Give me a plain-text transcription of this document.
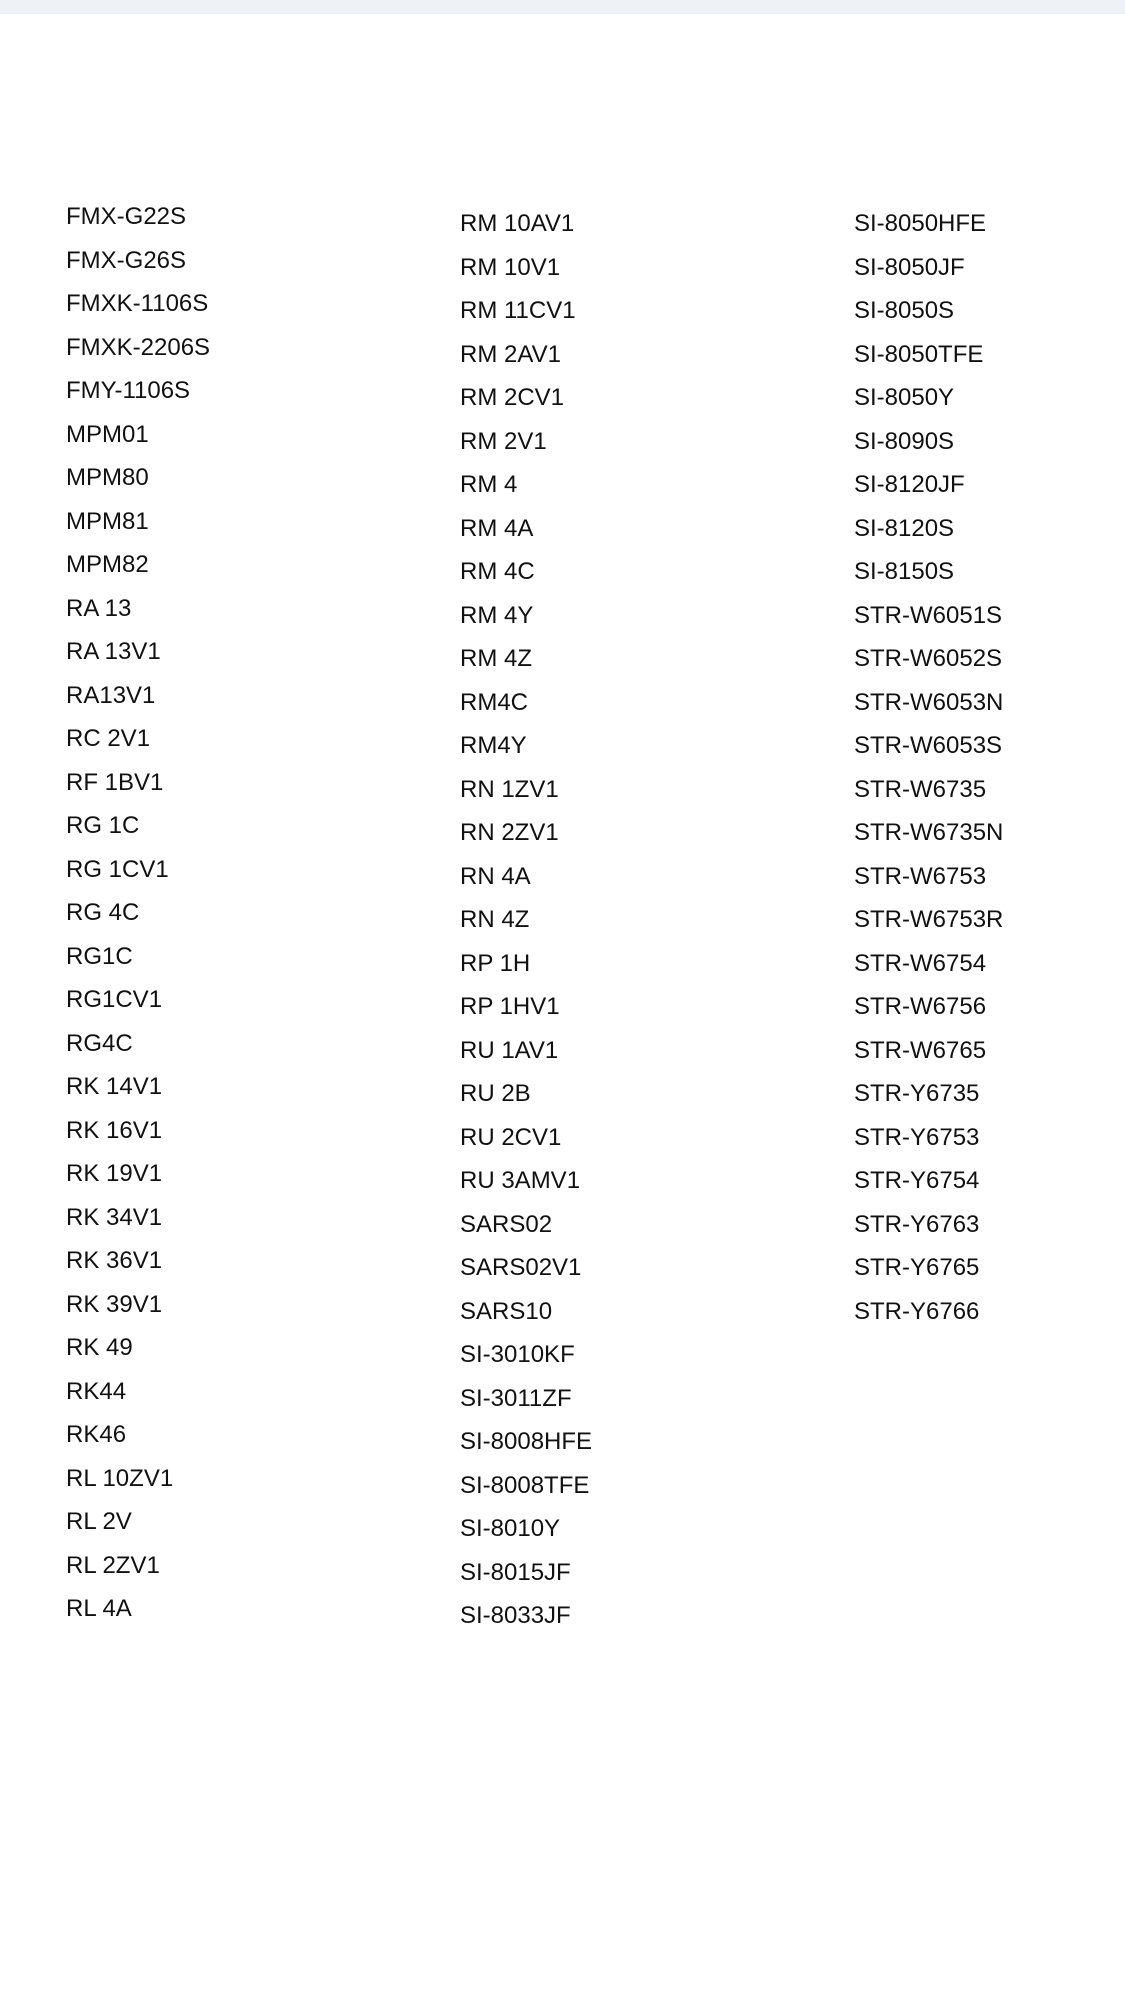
FMX-G22S
FMX-G26S
FMXK-1106S
FMXK-2206S
FMY-1106S
MPM01
MPM80
MPM81
MPM82
RA 13
RA 13V1
RA13V1
RC 2V1
RF 1BV1
RG 1C
RG 1CV1
RG 4C
RG1C
RG1CV1
RG4C
RK 14V1
RK 16V1
RK 19V1
RK 34V1
RK 36V1
RK 39V1
RK 49
RK44
RK46
RL 10ZV1
RL 2V
RL 2ZV1
RL 4A
RM 10AV1
RM 10V1
RM 11CV1
RM 2AV1
RM 2CV1
RM 2V1
RM 4
RM 4A
RM 4C
RM 4Y
RM 4Z
RM4C
RM4Y
RN 1ZV1
RN 2ZV1
RN 4A
RN 4Z
RP 1H
RP 1HV1
RU 1AV1
RU 2B
RU 2CV1
RU 3AMV1
SARS02
SARS02V1
SARS10
SI-3010KF
SI-3011ZF
SI-8008HFE
SI-8008TFE
SI-8010Y
SI-8015JF
SI-8033JF
SI-8050HFE
SI-8050JF
SI-8050S
SI-8050TFE
SI-8050Y
SI-8090S
SI-8120JF
SI-8120S
SI-8150S
STR-W6051S
STR-W6052S
STR-W6053N
STR-W6053S
STR-W6735
STR-W6735N
STR-W6753
STR-W6753R
STR-W6754
STR-W6756
STR-W6765
STR-Y6735
STR-Y6753
STR-Y6754
STR-Y6763
STR-Y6765
STR-Y6766
